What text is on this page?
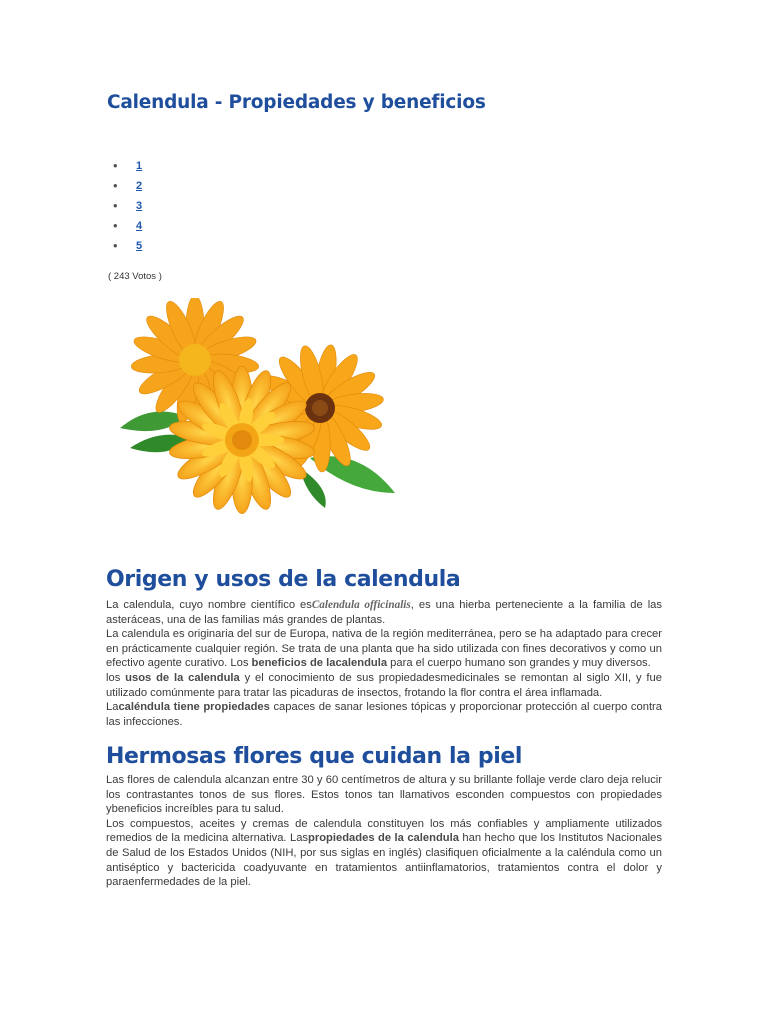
Calendula - Propiedades y beneficios
• 1
• 2
• 3
• 4
• 5
( 243 Votos )
Origen y usos de la calendula

La calendula, cuyo nombre científico esCalendula officinalis, es una hierba perteneciente a la familia de las asteráceas, una de las familias más grandes de plantas.

La calendula es originaria del sur de Europa, nativa de la región mediterránea, pero se ha adaptado para crecer en prácticamente cualquier región. Se trata de una planta que ha sido utilizada con fines decorativos y como un efectivo agente curativo. Los beneficios de lacalendula para el cuerpo humano son grandes y muy diversos.

los usos de la calendula y el conocimiento de sus propiedadesmedicinales se remontan al siglo XII, y fue utilizado comúnmente para tratar las picaduras de insectos, frotando la flor contra el área inflamada.

Lacaléndula tiene propiedades capaces de sanar lesiones tópicas y proporcionar protección al cuerpo contra las infecciones.

Hermosas flores que cuidan la piel

Las flores de calendula alcanzan entre 30 y 60 centímetros de altura y su brillante follaje verde claro deja relucir los contrastantes tonos de sus flores. Estos tonos tan llamativos esconden compuestos con propiedades ybeneficios increíbles para tu salud.

Los compuestos, aceites y cremas de calendula constituyen los más confiables y ampliamente utilizados remedios de la medicina alternativa. Laspropiedades de la calendula han hecho que los Institutos Nacionales de Salud de los Estados Unidos (NIH, por sus siglas en inglés) clasifiquen oficialmente a la caléndula como un antiséptico y bactericida coadyuvante en tratamientos antiinflamatorios, tratamientos contra el dolor y paraenfermedades de la piel.
